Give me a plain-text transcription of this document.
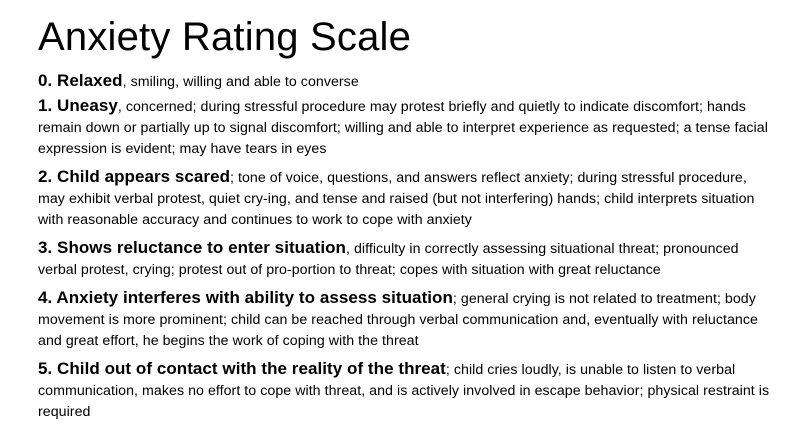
Anxiety Rating Scale

0. Relaxed, smiling, willing and able to converse

1. Uneasy, concerned; during stressful procedure may protest briefly and quietly to indicate discomfort; hands remain down or partially up to signal discomfort; willing and able to interpret experience as requested; a tense facial expression is evident; may have tears in eyes

2. Child appears scared; tone of voice, questions, and answers reflect anxiety; during stressful procedure, may exhibit verbal protest, quiet cry-ing, and tense and raised (but not interfering) hands; child interprets situation with reasonable accuracy and continues to work to cope with anxiety

3. Shows reluctance to enter situation, difficulty in correctly assessing situational threat; pronounced verbal protest, crying; protest out of pro-portion to threat; copes with situation with great reluctance

4. Anxiety interferes with ability to assess situation; general crying is not related to treatment; body movement is more prominent; child can be reached through verbal communication and, eventually with reluctance and great effort, he begins the work of coping with the threat

5. Child out of contact with the reality of the threat; child cries loudly, is unable to listen to verbal communication, makes no effort to cope with threat, and is actively involved in escape behavior; physical restraint is required
